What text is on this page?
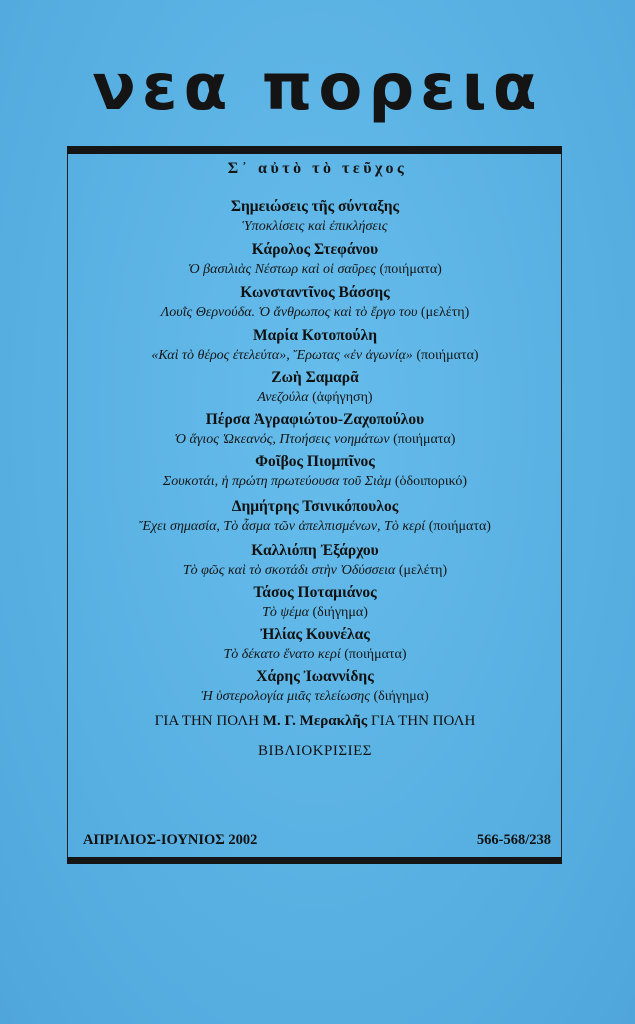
νεα πορεια
Σ᾽ αὐτὸ τὸ τεῦχος
Σημειώσεις τῆς σύνταξης
Ὑποκλίσεις καὶ ἐπικλήσεις
Κάρολος Στεφάνου
Ὁ βασιλιὰς Νέστωρ καὶ οἱ σαῦρες (ποιήματα)
Κωνσταντῖνος Βάσσης
Λουῒς Θερνούδα. Ὁ ἄνθρωπος καὶ τὸ ἔργο του (μελέτη)
Μαρία Κοτοπούλη
«Καὶ τὸ θέρος ἐτελεύτα», Ἔρωτας «ἐν ἀγωνίᾳ» (ποιήματα)
Ζωὴ Σαμαρᾶ
Ανεζούλα (ἀφήγηση)
Πέρσα Ἀγραφιώτου-Ζαχοπούλου
Ὁ ἅγιος Ὠκεανός, Πτοήσεις νοημάτων (ποιήματα)
Φοῖβος Πιομπῖνος
Σουκοτάι, ἡ πρώτη πρωτεύουσα τοῦ Σιὰμ (ὁδοιπορικό)
Δημήτρης Τσινικόπουλος
Ἔχει σημασία, Τὸ ἆσμα τῶν ἀπελπισμένων, Τὸ κερί (ποιήματα)
Καλλιόπη Ἐξάρχου
Τὸ φῶς καὶ τὸ σκοτάδι στὴν Ὀδύσσεια (μελέτη)
Τάσος Ποταμιάνος
Τὸ ψέμα (διήγημα)
Ἠλίας Κουνέλας
Τὸ δέκατο ἕνατο κερί (ποιήματα)
Χάρης Ἰωαννίδης
Ἡ ὑστερολογία μιᾶς τελείωσης (διήγημα)
ΓΙΑ ΤΗΝ ΠΟΛΗ Μ. Γ. Μερακλῆς ΓΙΑ ΤΗΝ ΠΟΛΗ
ΒΙΒΛΙΟΚΡΙΣΙΕΣ
ΑΠΡΙΛΙΟΣ-ΙΟΥΝΙΟΣ 2002	566-568/238
